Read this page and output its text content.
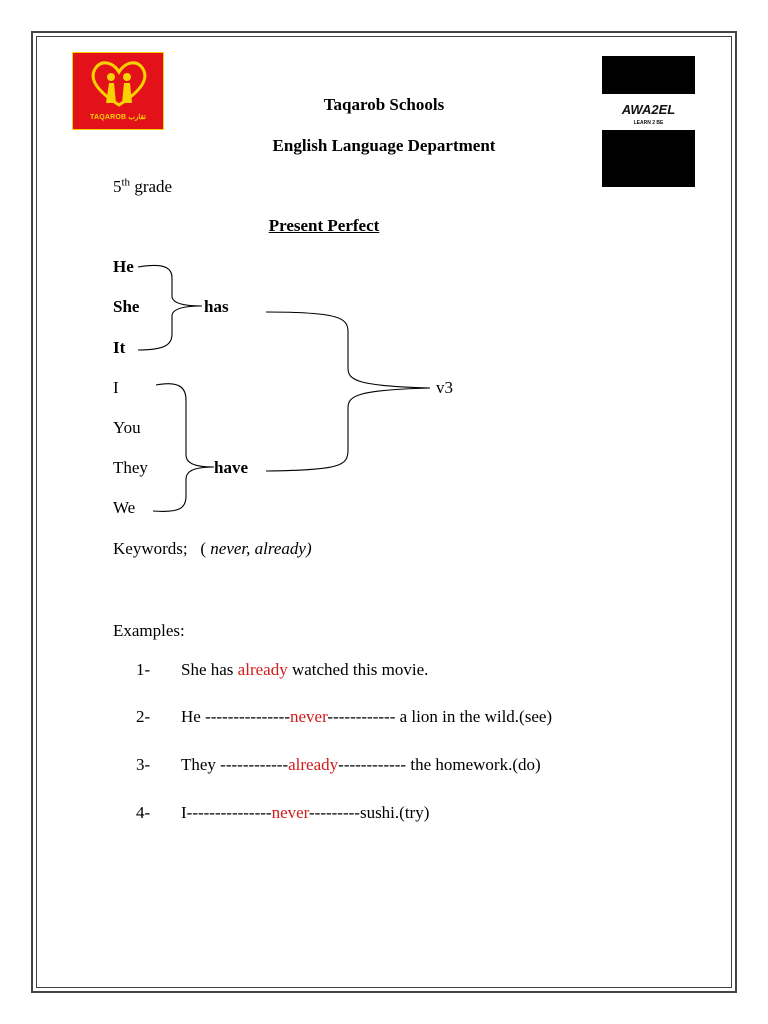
TAQAROB تقارب
AWA2EL
LEARN 2 BE
Taqarob Schools
English Language Department
5th grade
Present Perfect
He
She
It
has
I
You
They
We
have
v3
Keywords; ( never, already)
Examples:
1- She has already watched this movie.
2- He ---------------never------------ a lion in the wild.(see)
3- They ------------already------------ the homework.(do)
4- I---------------never---------sushi.(try)
